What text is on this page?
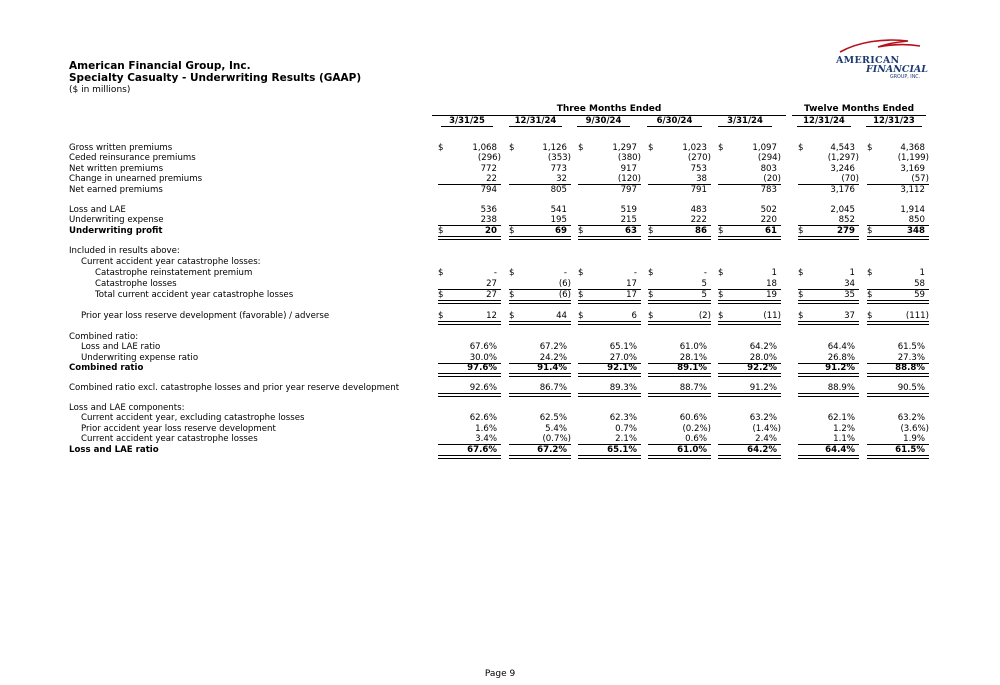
American Financial Group, Inc.
Specialty Casualty - Underwriting Results (GAAP)
($ in millions)
AMERICAN
FINANCIAL
GROUP, INC.
Three Months Ended	Twelve Months Ended
3/31/25	12/31/24	9/30/24	6/30/24	3/31/24	12/31/24	12/31/23
Gross written premiums	$	1,068 $	1,126 $	1,297 $	1,023 $	1,097 $	4,543 $	4,368
Ceded reinsurance premiums	(296)	(353)	(380)	(270)	(294)	(1,297)	(1,199)
Net written premiums	772	773	917	753	803	3,246	3,169
Change in unearned premiums	22	32	(120)	38	(20)	(70)	(57)
Net earned premiums	794	805	797	791	783	3,176	3,112
Loss and LAE	536	541	519	483	502	2,045	1,914
Underwriting expense	238	195	215	222	220	852	850
Underwriting profit	$	20 $	69 $	63 $	86 $	61 $	279 $	348
Included in results above:
Current accident year catastrophe losses:
Catastrophe reinstatement premium	$	- $	- $	- $	- $	1 $	1 $	1
Catastrophe losses	27	(6)	17	5	18	34	58
Total current accident year catastrophe losses	$	27 $	(6) $	17 $	5 $	19 $	35 $	59
Prior year loss reserve development (favorable) / adverse	$	12 $	44 $	6 $	(2) $	(11) $	37 $	(111)
Combined ratio:
Loss and LAE ratio	67.6%	67.2%	65.1%	61.0%	64.2%	64.4%	61.5%
Underwriting expense ratio	30.0%	24.2%	27.0%	28.1%	28.0%	26.8%	27.3%
Combined ratio	97.6%	91.4%	92.1%	89.1%	92.2%	91.2%	88.8%
Combined ratio excl. catastrophe losses and prior year reserve development	92.6%	86.7%	89.3%	88.7%	91.2%	88.9%	90.5%
Loss and LAE components:
Current accident year, excluding catastrophe losses	62.6%	62.5%	62.3%	60.6%	63.2%	62.1%	63.2%
Prior accident year loss reserve development	1.6%	5.4%	0.7%	(0.2%)	(1.4%)	1.2%	(3.6%)
Current accident year catastrophe losses	3.4%	(0.7%)	2.1%	0.6%	2.4%	1.1%	1.9%
Loss and LAE ratio	67.6%	67.2%	65.1%	61.0%	64.2%	64.4%	61.5%
Page 9
